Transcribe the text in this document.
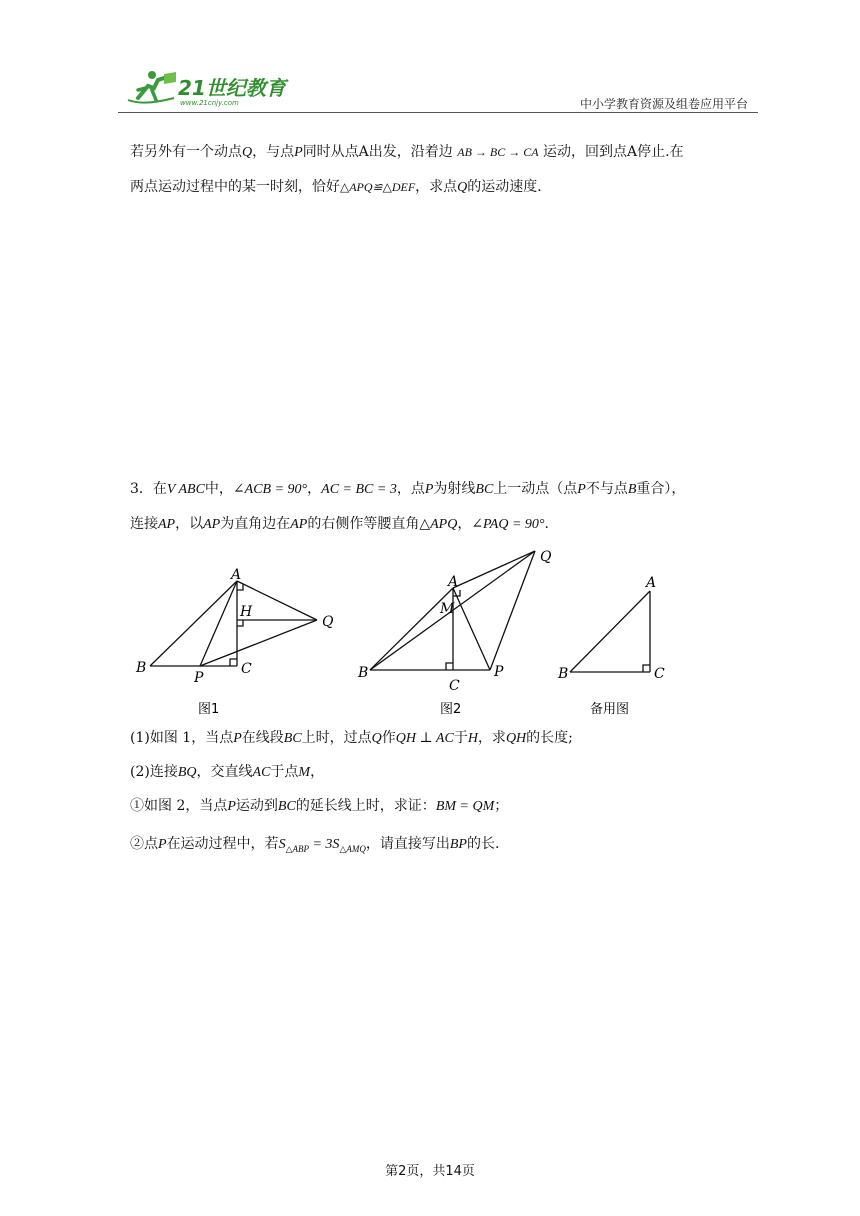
21世纪教育
www.21cnjy.com	中小学教育资源及组卷应用平台
若另外有一个动点Q，与点P同时从点A出发，沿着边 AB → BC → CA 运动，回到点A停止.在
两点运动过程中的某一时刻，恰好△APQ≌△DEF，求点Q的运动速度.
3．在V ABC中，∠ACB = 90°，AC = BC = 3，点P为射线BC上一动点（点P不与点B重合），
连接AP，以AP为直角边在AP的右侧作等腰直角△APQ，∠PAQ = 90°.
A
B	C
P
Q
H
图1
A
B
C
P
Q
M
图2
A
B	C
备用图
(1)如图 1，当点P在线段BC上时，过点Q作QH ⊥ AC于H，求QH的长度;
(2)连接BQ，交直线AC于点M，
①如图 2，当点P运动到BC的延长线上时，求证：BM = QM；
②点P在运动过程中，若$S_{\triangle ABP} = 3S_{\triangle AMQ}$，请直接写出BP的长.
第2页，共14页
